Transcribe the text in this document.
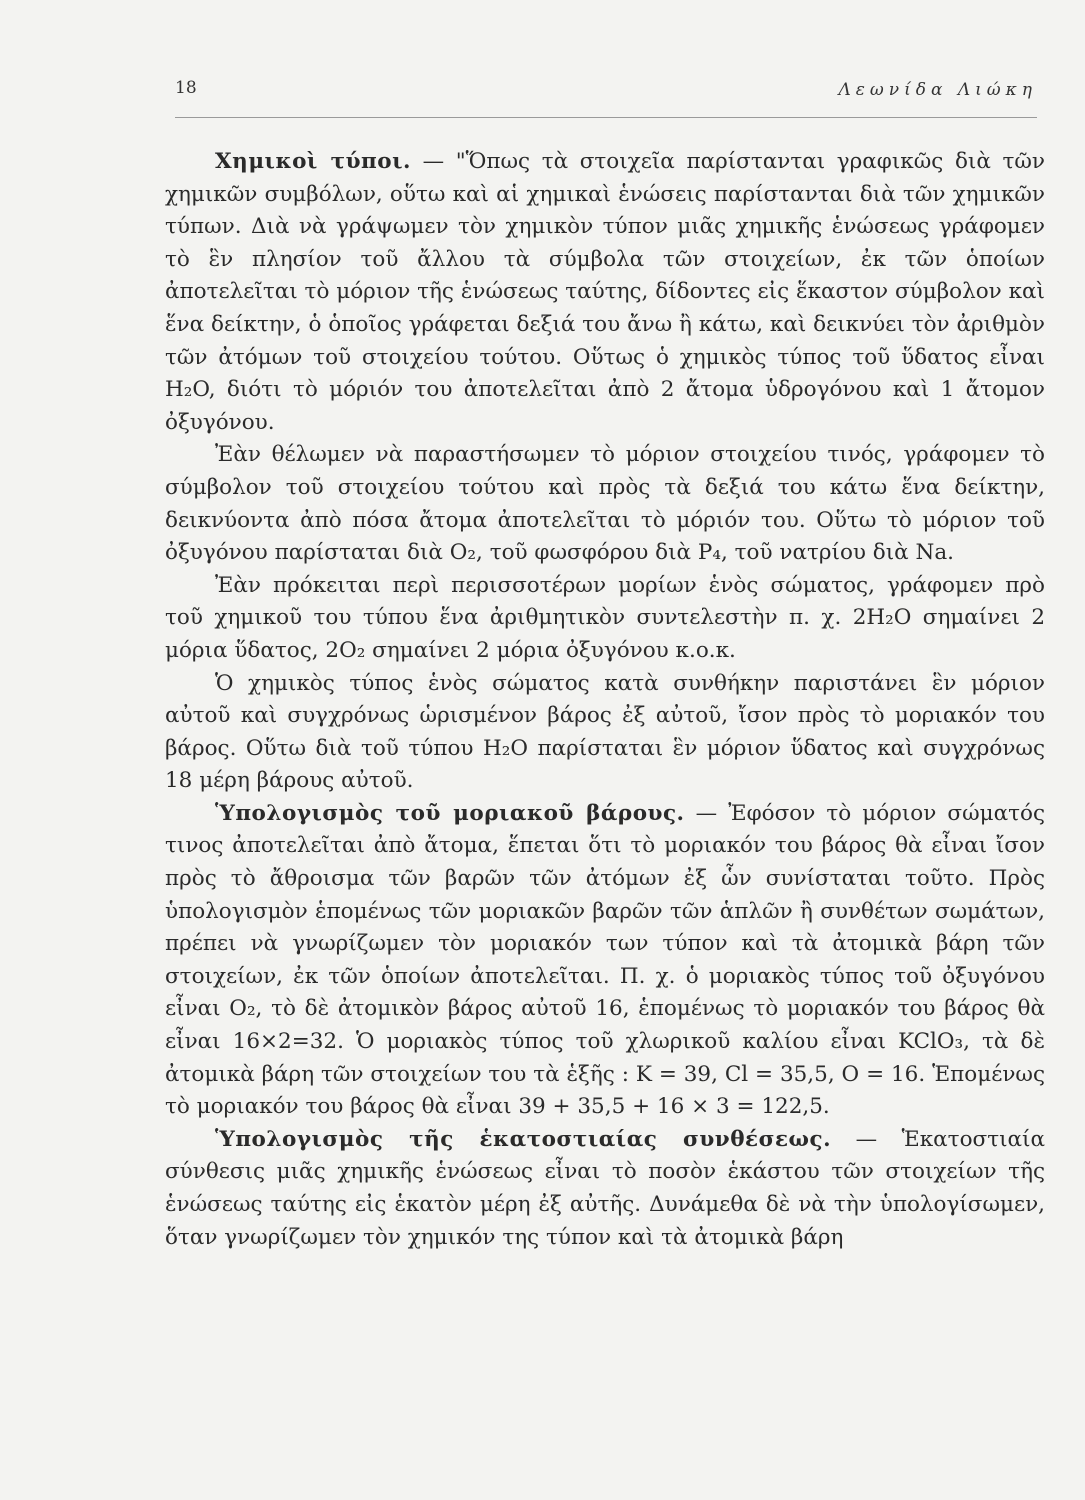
18	Λεωνίδα Λιώκη

Χημικοὶ τύποι. — "Ὅπως τὰ στοιχεῖα παρίστανται γραφικῶς διὰ τῶν χημικῶν συμβόλων, οὕτω καὶ αἱ χημικαὶ ἑνώσεις παρίστανται διὰ τῶν χημικῶν τύπων. Διὰ νὰ γράψωμεν τὸν χημικὸν τύπον μιᾶς χημικῆς ἑνώσεως γράφομεν τὸ ἓν πλησίον τοῦ ἄλλου τὰ σύμβολα τῶν στοιχείων, ἐκ τῶν ὁποίων ἀποτελεῖται τὸ μόριον τῆς ἑνώσεως ταύτης, δίδοντες εἰς ἕκαστον σύμβολον καὶ ἕνα δείκτην, ὁ ὁποῖος γράφεται δεξιά του ἄνω ἢ κάτω, καὶ δεικνύει τὸν ἀριθμὸν τῶν ἀτόμων τοῦ στοιχείου τούτου. Οὕτως ὁ χημικὸς τύπος τοῦ ὕδατος εἶναι H₂O, διότι τὸ μόριόν του ἀποτελεῖται ἀπὸ 2 ἄτομα ὑδρογόνου καὶ 1 ἄτομον ὀξυγόνου.

Ἐὰν θέλωμεν νὰ παραστήσωμεν τὸ μόριον στοιχείου τινός, γράφομεν τὸ σύμβολον τοῦ στοιχείου τούτου καὶ πρὸς τὰ δεξιά του κάτω ἕνα δείκτην, δεικνύοντα ἀπὸ πόσα ἄτομα ἀποτελεῖται τὸ μόριόν του. Οὕτω τὸ μόριον τοῦ ὀξυγόνου παρίσταται διὰ O₂, τοῦ φωσφόρου διὰ P₄, τοῦ νατρίου διὰ Na.

Ἐὰν πρόκειται περὶ περισσοτέρων μορίων ἑνὸς σώματος, γράφομεν πρὸ τοῦ χημικοῦ του τύπου ἕνα ἀριθμητικὸν συντελεστὴν π. χ. 2H₂O σημαίνει 2 μόρια ὕδατος, 2O₂ σημαίνει 2 μόρια ὀξυγόνου κ.ο.κ.

Ὁ χημικὸς τύπος ἑνὸς σώματος κατὰ συνθήκην παριστάνει ἓν μόριον αὐτοῦ καὶ συγχρόνως ὡρισμένον βάρος ἐξ αὐτοῦ, ἴσον πρὸς τὸ μοριακόν του βάρος. Οὕτω διὰ τοῦ τύπου H₂O παρίσταται ἓν μόριον ὕδατος καὶ συγχρόνως 18 μέρη βάρους αὐτοῦ.

Ὑπολογισμὸς τοῦ μοριακοῦ βάρους. — Ἐφόσον τὸ μόριον σώματός τινος ἀποτελεῖται ἀπὸ ἄτομα, ἕπεται ὅτι τὸ μοριακόν του βάρος θὰ εἶναι ἴσον πρὸς τὸ ἄθροισμα τῶν βαρῶν τῶν ἀτόμων ἐξ ὧν συνίσταται τοῦτο. Πρὸς ὑπολογισμὸν ἑπομένως τῶν μοριακῶν βαρῶν τῶν ἁπλῶν ἢ συνθέτων σωμάτων, πρέπει νὰ γνωρίζωμεν τὸν μοριακόν των τύπον καὶ τὰ ἀτομικὰ βάρη τῶν στοιχείων, ἐκ τῶν ὁποίων ἀποτελεῖται. Π. χ. ὁ μοριακὸς τύπος τοῦ ὀξυγόνου εἶναι O₂, τὸ δὲ ἀτομικὸν βάρος αὐτοῦ 16, ἑπομένως τὸ μοριακόν του βάρος θὰ εἶναι 16×2=32. Ὁ μοριακὸς τύπος τοῦ χλωρικοῦ καλίου εἶναι KClO₃, τὰ δὲ ἀτομικὰ βάρη τῶν στοιχείων του τὰ ἑξῆς : K = 39, Cl = 35,5, O = 16. Ἑπομένως τὸ μοριακόν του βάρος θὰ εἶναι 39 + 35,5 + 16 × 3 = 122,5.

Ὑπολογισμὸς τῆς ἑκατοστιαίας συνθέσεως. — Ἑκατοστιαία σύνθεσις μιᾶς χημικῆς ἑνώσεως εἶναι τὸ ποσὸν ἑκάστου τῶν στοιχείων τῆς ἑνώσεως ταύτης εἰς ἑκατὸν μέρη ἐξ αὐτῆς. Δυνάμεθα δὲ νὰ τὴν ὑπολογίσωμεν, ὅταν γνωρίζωμεν τὸν χημικόν της τύπον καὶ τὰ ἀτομικὰ βάρη
